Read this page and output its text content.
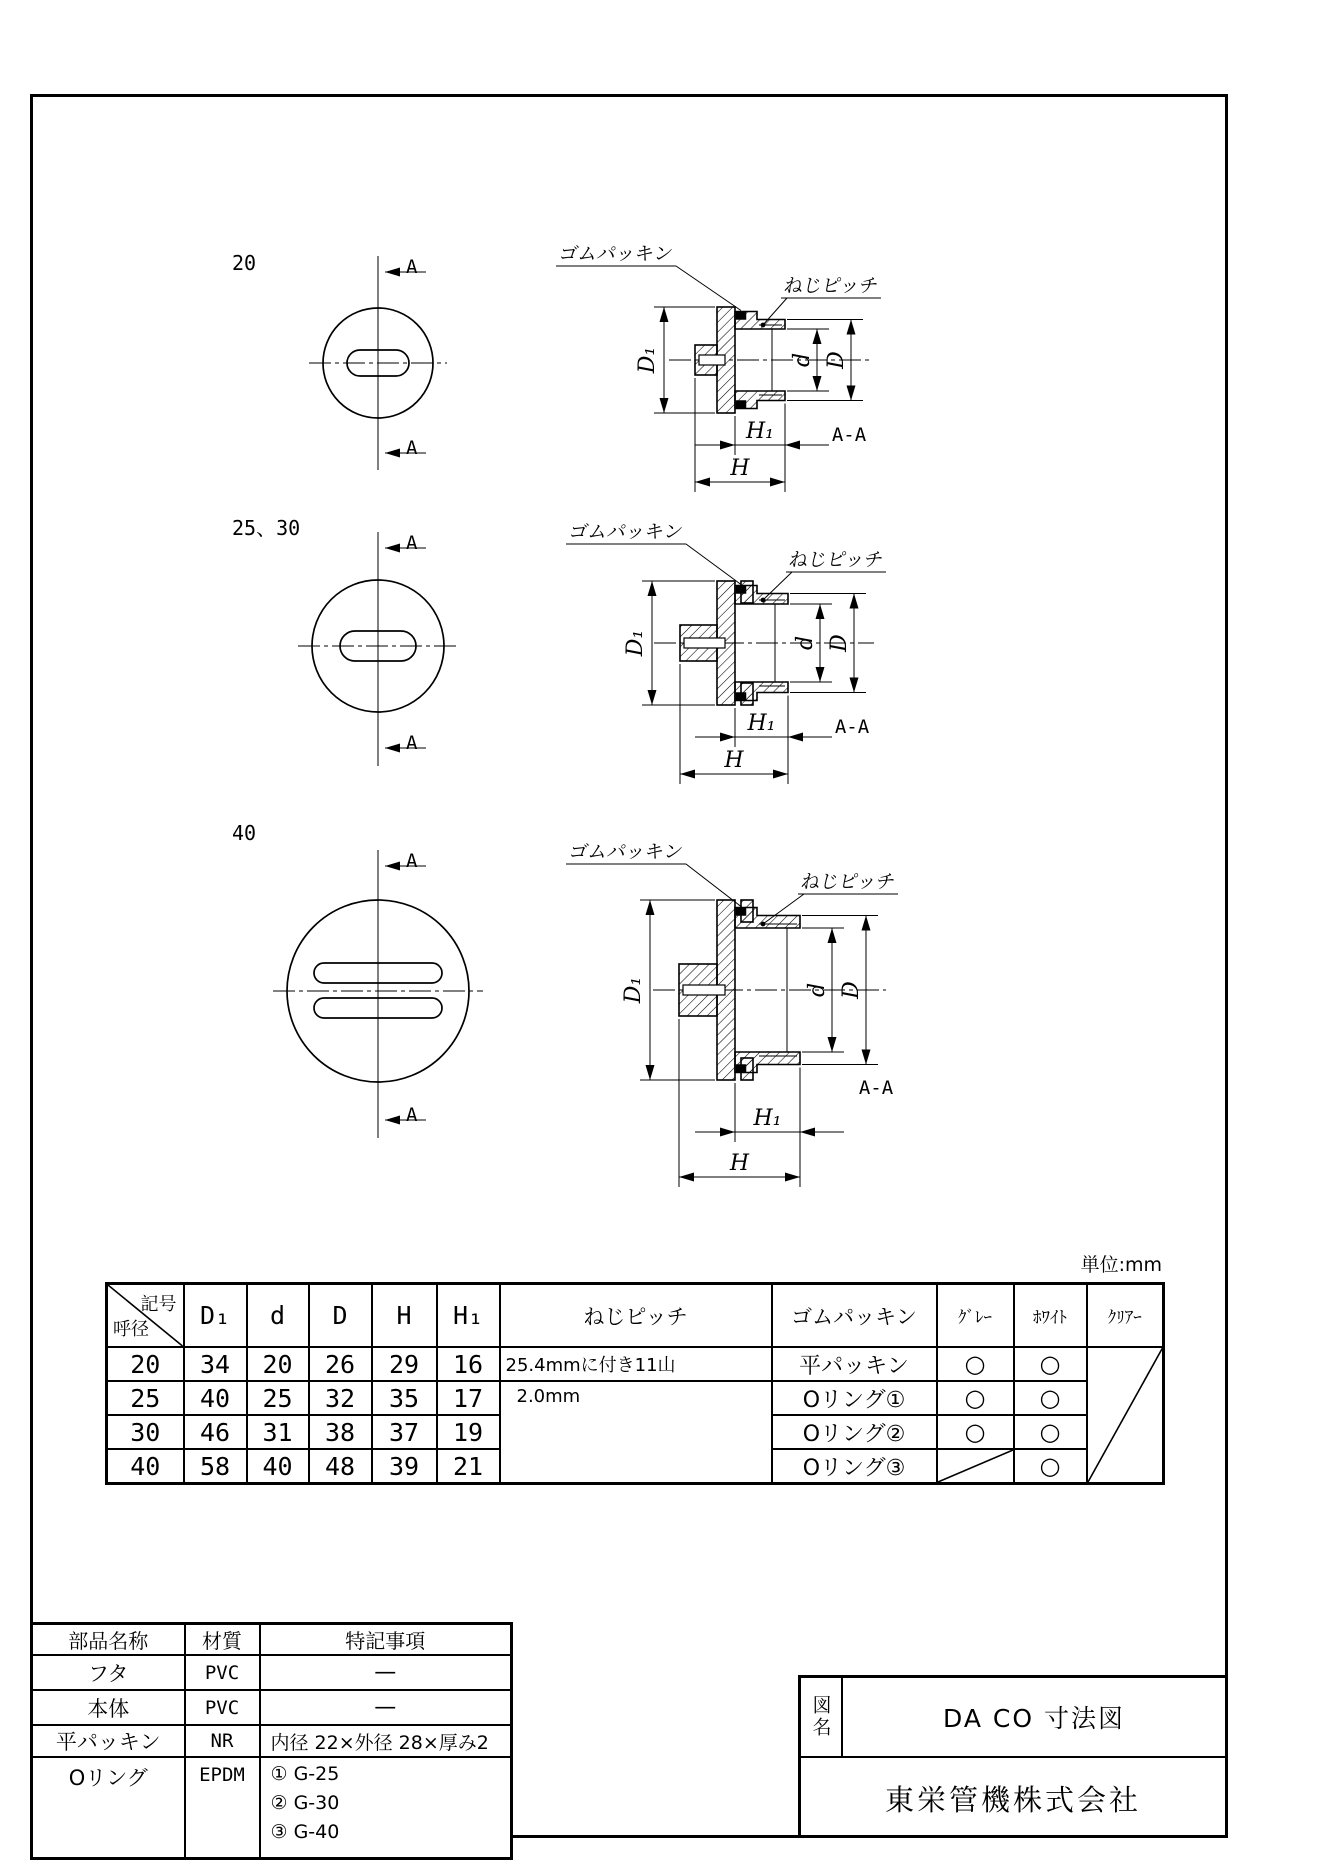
20	A
A
25、30
A
A
40
A
A
D₁	d D
H₁
H
A-A
ゴムパッキン
ねじピッチ
D₁	d D
H₁
H
A-A
ゴムパッキン
ねじピッチ
D₁	d D
H₁
H
A-A
ゴムパッキン
ねじピッチ
単位:mm
記号
呼径	D₁	d	D	H	H₁	ねじピッチ	ゴムパッキン	ｸﾞﾚｰ	ﾎﾜｲﾄ	ｸﾘｱｰ
20	34	20	26	29	16	25.4mmに付き11山	平パッキン	○	○	

25	40	25	32	35	17	2.0mm	Oリング①	○	○	
30	46	31	38	37	19		Oリング②	○	○	
40	58	40	48	39	21		Oリング③		○	
部品名称	材質	特記事項
フタ	PVC	—
本体	PVC	—
平パッキン	NR	内径 22×外径 28×厚み2
Oリング	EPDM	① G-25
② G-30
③ G-40
図名	DA CO 寸法図
東栄管機株式会社
